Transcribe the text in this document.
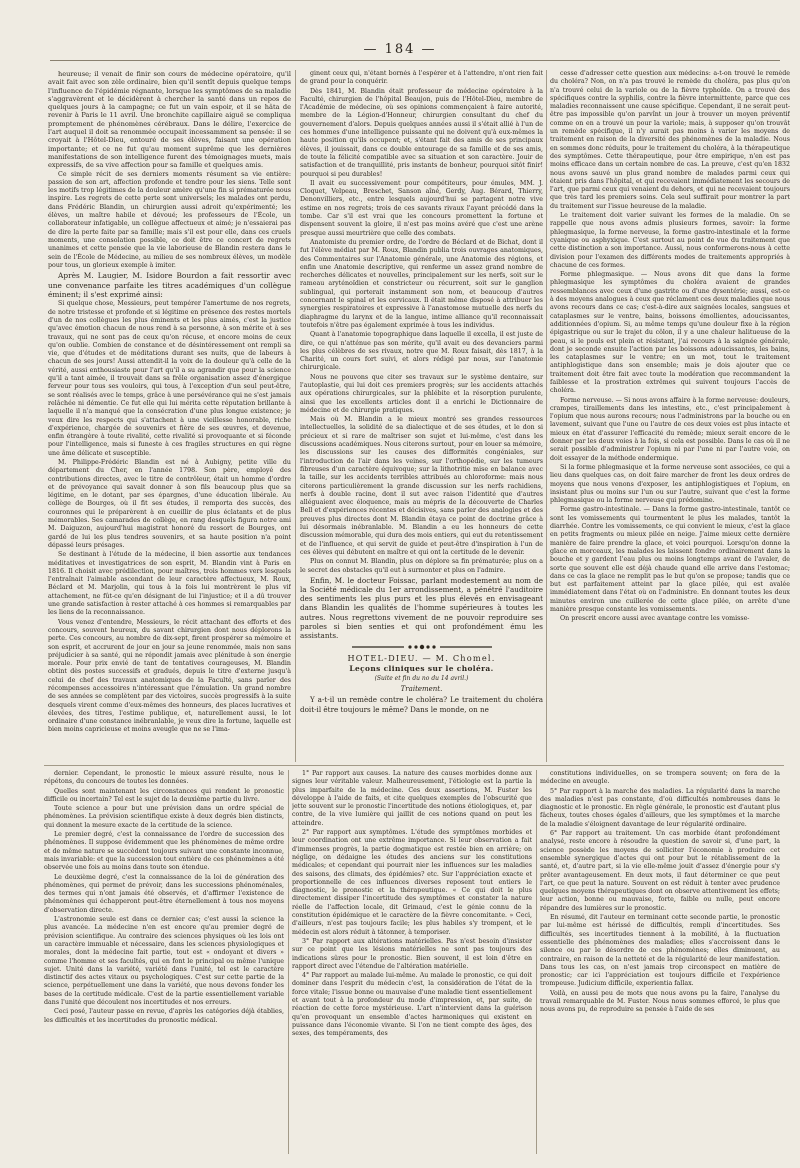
— 184 —

heureuse; il venait de finir son cours de médecine opératoire, qu'il avait fait avec son zèle ordinaire, bien qu'il sentît depuis quelque temps l'influence de l'épidémie régnante, lorsque les symptômes de sa maladie s'aggravèrent et le décidèrent à chercher la santé dans un repos de quelques jours à la campagne; ce fut un vain espoir, et il se hâta de revenir à Paris le 11 avril. Une bronchite capillaire aiguë se compliqua promptement de phénomènes cérébraux. Dans le délire, l'exercice de l'art auquel il doit sa renommée occupait incessamment sa pensée: il se croyait à l'Hôtel-Dieu, entouré de ses élèves, faisant une opération importante; et ce ne fut qu'au moment suprême que les dernières manifestations de son intelligence furent des témoignages muets, mais expressifs, de sa vive affection pour sa famille et quelques amis.

Ce simple récit de ses derniers moments résument sa vie entière: passion de son art, affection profonde et tendre pour les siens. Telle sont les motifs trop légitimes de la douleur amère qu'une fin si prématurée nous inspire. Les regrets de cette perte sont universels; les malades ont perdu, dans Frédéric Blandin, un chirurgien aussi adroit qu'expérimenté; les élèves, un maître habile et dévoué; les professeurs de l'École, un collaborateur infatigable, un collègue affectueux et aimé; je n'essaierai pas de dire la perte faite par sa famille; mais s'il est pour elle, dans ces cruels moments, une consolation possible, ce doit être ce concert de regrets unanimes et cette pensée que la vie laborieuse de Blandin restera dans le sein de l'École de Médecine, au milieu de ses nombreux élèves, un modèle pour tous, un glorieux exemple à imiter.

Après M. Laugier, M. Isidore Bourdon a fait ressortir avec une convenance parfaite les titres académiques d'un collègue éminent; il s'est exprimé ainsi:

Si quelque chose, Messieurs, peut tempérer l'amertume de nos regrets, de notre tristesse et profonde et si légitime en présence des restes mortels d'un de nos collègues les plus éminents et les plus aimés, c'est la justice qu'avec émotion chacun de nous rend à sa personne, à son mérite et à ses travaux, qui ne sont pas de ceux qu'on récuse, et encore moins de ceux qu'on oublie. Combien de constance et de désintéressement ont rempli sa vie, que d'études et de méditations durant ses nuits, que de labeurs à chacun de ses jours! Aussi attendit-il la voix de la douleur qu'à celle de la vérité, aussi enthousiaste pour l'art qu'il a su agrandir que pour la science qu'il a tant aimée, il trouvait dans sa frêle organisation assez d'énergique ferveur pour tous ses vouloirs, qui tous, à l'exception d'un seul peut-être, se sont réalisés avec le temps, grâce à une persévérance qui ne s'est jamais relâchée ni démentie. Ce fut elle qui lui mérita cette réputation brillante à laquelle il n'a manqué que la consécration d'une plus longue existence; je veux dire les respects qui s'attachent à une vieillesse honorable, riche d'expérience, chargée de souvenirs et fière de ses œuvres, et devenue, enfin étrangère à toute rivalité, cette rivalité si provoquante et si féconde pour l'intelligence, mais si funeste à ces fragiles structures en qui règne une âme délicate et susceptible.

M. Philippe-Frédéric Blandin est né à Aubigny, petite ville du département du Cher, en l'année 1798. Son père, employé des contributions directes, avec le titre de contrôleur, était un homme d'ordre et de prévoyance qui savait donner à son fils beaucoup plus que sa légitime, en le dotant, par ses épargnes, d'une éducation libérale. Au collège de Bourges, où il fit ses études, il remporta des succès, des couronnes qui le préparèrent à en cueillir de plus éclatants et de plus mémorables. Ses camarades de collège, en rang desquels figura notre ami M. Daiguzon, aujourd'hui magistrat honoré du ressort de Bourges, ont gardé de lui les plus tendres souvenirs, et sa haute position n'a point dépassé leurs présages.

Se destinant à l'étude de la médecine, il bien assortie aux tendances méditatives et investigatrices de son esprit, M. Blandin vint à Paris en 1816. Il choisit avec prédilection, pour maîtres, trois hommes vers lesquels l'entraînait l'aimable ascendant de leur caractère affectueux, M. Roux, Béclard et M. Marjolin, qui tous à la fois lui montrèrent le plus vif attachement, ne fût-ce qu'en désignant de lui l'injustice; et il a dû trouver une grande satisfaction à rester attaché à ces hommes si remarquables par les liens de la reconnaissance.

Vous venez d'entendre, Messieurs, le récit attachant des efforts et des concours, souvent heureux, du savant chirurgien dont nous déplorons la perte. Ces concours, au nombre de dix-sept, firent prospérer sa mémoire et son esprit, et accrurent de jour en jour sa jeune renommée, mais non sans préjudicier à sa santé, qui ne répondit jamais avec plénitude à son énergie morale. Pour prix envié de tant de tentatives courageuses, M. Blandin obtint dès postes successifs et gradués, depuis le titre d'externe jusqu'à celui de chef des travaux anatomiques de la Faculté, sans parler des récompenses accessoires n'intéressant que l'émulation. Un grand nombre de ses années se complètent par des victoires, succès progressifs à la suite desquels virent comme d'eux-mêmes des honneurs, des places lucratives et élevées, des titres, l'estime publique, et, naturellement aussi, le lot ordinaire d'une constance inébranlable, je veux dire la fortune, laquelle est bien moins capricieuse et moins aveugle que ne se l'ima-

ginent ceux qui, n'étant bornés à l'espérer et à l'attendre, n'ont rien fait de grand pour la conquérir.

Dès 1841, M. Blandin était professeur de médecine opératoire à la Faculté, chirurgien de l'hôpital Beaujon, puis de l'Hôtel-Dieu, membre de l'Académie de médecine, où ses opinions commençaient à faire autorité, membre de la Légion-d'Honneur, chirurgien consultant du chef du gouvernement d'alors. Depuis quelques années aussi il s'était allié à l'un de ces hommes d'une intelligence puissante qui ne doivent qu'à eux-mêmes la haute position qu'ils occupent; et, s'étant fait des amis de ses principaux élèves, il jouissait, dans ce double entourage de sa famille et de ses amis, de toute la félicité compatible avec sa situation et son caractère. Jouir de satisfaction et de tranquillité, pris instants de bonheur, pourquoi sitôt finir! pourquoi si peu durables!

Il avait eu successivement pour compétiteurs, pour émules, MM. J. Cloquet, Velpeau, Breschet, Sanson aîné, Gerdy, Aug. Bérard, Thierry, Denonvilliers, etc., entre lesquels aujourd'hui se partagent notre vive estime en nos regrets; trois de ces savants rivaux l'ayant précédé dans la tombe. Car s'il est vrai que les concours promettent la fortune et dispensent souvent la gloire, il n'est pas moins avéré que c'est une arène presque aussi meurtrière que celle des combats.

Anatomiste du premier ordre, de l'ordre de Béclard et de Bichat, dont il fut l'élève médiat par M. Roux, Blandin publia trois ouvrages anatomiques, des Commentaires sur l'Anatomie générale, une Anatomie des régions, et enfin une Anatomie descriptive, qui renferme un assez grand nombre de recherches délicates et nouvelles, principalement sur les nerfs, soit sur le rameau aryténoïdien et constricteur ou récurrent, soit sur le ganglion sublingual, qui porterait instamment son nom, et beaucoup d'autres concernant le spinal et les cervicaux. Il était même disposé à attribuer les synergies respiratoires et expressive à l'anastomose mutuelle des nerfs du diaphragme du larynx et de la langue, intime alliance qu'il reconnaissait toutefois n'être pas également exprimée à tous les individus.

Quant à l'anatomie topographique dans laquelle il excella, il est juste de dire, ce qui n'atténue pas son mérite, qu'il avait eu des devanciers parmi les plus célèbres de ses rivaux, notre que M. Roux faisait, dès 1817, à la Charité, un cours fort suivi, et alors rédigé par nous, sur l'anatomie chirurgicale.

Nous ne pouvons que citer ses travaux sur le système dentaire, sur l'autoplastie, qui lui doit ces premiers progrès; sur les accidents attachés aux opérations chirurgicales, sur la phlébite et la résorption purulente, ainsi que les excellents articles dont il a enrichi le Dictionnaire de médecine et de chirurgie pratiques.

Mais où M. Blandin a le mieux montré ses grandes ressources intellectuelles, la solidité de sa dialectique et de ses études, et le don si précieux et si rare de maîtriser son sujet et lui-même, c'est dans les discussions académiques. Nous citerons surtout, pour en louer sa mémoire, les discussions sur les causes des difformités congéniales, sur l'introduction de l'air dans les veines, sur l'orthopédie, sur les tumeurs fibreuses d'un caractère équivoque; sur la lithotritie mise en balance avec la taille, sur les accidents terribles attribués au chloroforme: mais nous citerons particulièrement la grande discussion sur les nerfs rachidiens, nerfs à double racine, dont il sut avec raison l'identité que d'autres alléguaient avec éloquence, mais au mépris de la découverte de Charles Bell et d'expériences récentes et décisives, sans parler des analogies et des preuves plus directes dont M. Blandin étaya ce point de doctrine grâce à lui désormais inébranlable. M. Blandin a eu les honneurs de cette discussion mémorable, qui dura des mois entiers, qui eut du retentissement et de l'influence, et qui servit de guide et peut-être d'inspiration à l'un de ces élèves qui débutent en maître et qui ont la certitude de le devenir.

Plus on connut M. Blandin, plus on déplore sa fin prématurée; plus on a le secret des obstacles qu'il eut à surmonter et plus on l'admire.

Enfin, M. le docteur Foissac, parlant modestement au nom de la Société médicale du 1er arrondissement, a pénétré l'auditoire des sentiments les plus purs et les plus élevés en envisageant dans Blandin les qualités de l'homme supérieures à toutes les autres. Nous regrettons vivement de ne pouvoir reproduire ses paroles si bien senties et qui ont profondément ému les assistants.

HOTEL-DIEU. — M. Chomel.
Leçons cliniques sur le choléra.
(Suite et fin du no du 14 avril.)
Traitement.

Y a-t-il un remède contre le choléra? Le traitement du choléra doit-il être toujours le même? Dans le monde, on ne

cesse d'adresser cette question aux médecins: a-t-on trouvé le remède du choléra? Non, on n'a pas trouvé le remède du choléra, pas plus qu'on n'a trouvé celui de la variole ou de la fièvre typhoïde. On a trouvé des spécifiques contre la syphilis, contre la fièvre intermittente, parce que ces maladies reconnaissent une cause spécifique. Cependant, il ne serait peut-être pas impossible qu'on parvînt un jour à trouver un moyen préventif comme on en a trouvé un pour la variole; mais, à supposer qu'on trouvât un remède spécifique, il n'y aurait pas moins à varier les moyens de traitement en raison de la diversité des phénomènes de la maladie. Nous en sommes donc réduits, pour le traitement du choléra, à la thérapeutique des symptômes. Cette thérapeutique, pour être empirique, n'en est pas moins efficace dans un certain nombre de cas. La preuve, c'est qu'en 1832 nous avons sauvé un plus grand nombre de malades parmi ceux qui étaient pris dans l'hôpital, et qui recevaient immédiatement les secours de l'art, que parmi ceux qui venaient du dehors, et qui ne recevaient toujours que très tard les premiers soins. Cela seul suffirait pour montrer la part du traitement sur l'issue heureuse de la maladie.

Le traitement doit varier suivant les formes de la maladie. On se rappelle que nous avons admis plusieurs formes, savoir: la forme phlegmasique, la forme nerveuse, la forme gastro-intestinale et la forme cyanique ou asphyxique. C'est surtout au point de vue du traitement que cette distinction a son importance. Aussi, nous conformerons-nous à cette division pour l'examen des différents modes de traitements appropriés à chacune de ces formes.

Forme phlegmasique. — Nous avons dit que dans la forme phlegmasique les symptômes du choléra avaient de grandes ressemblances avec ceux d'une gastrite ou d'une dysentérie; aussi, est-ce à des moyens analogues à ceux que réclament ces deux maladies que nous avons recours dans ce cas; c'est-à-dire aux saignées locales, sangsues et cataplasmes sur le ventre, bains, boissons émollientes, adoucissantes, additionnées d'opium. Si, au même temps qu'une douleur fixe à la région épigastrique ou sur le trajet du côlon, il y a une chaleur halitueuse de la peau, si le pouls est plein et résistant, j'ai recours à la saignée générale, dont je seconde ensuite l'action par les boissons adoucissantes, les bains, les cataplasmes sur le ventre; en un mot, tout le traitement antiphlogistique dans son ensemble; mais je dois ajouter que ce traitement doit être fait avec toute la modération que recommandent la faiblesse et la prostration extrêmes qui suivent toujours l'accès de choléra.

Forme nerveuse. — Si nous avons affaire à la forme nerveuse: douleurs, crampes, tiraillements dans les intestins, etc., c'est principalement à l'opium que nous aurons recours; nous l'administrons par la bouche ou en lavement, suivant que l'une ou l'autre de ces deux voies est plus intacte et mieux en état d'assurer l'efficacité du remède; mieux serait encore de le donner par les deux voies à la fois, si cela est possible. Dans le cas où il ne serait possible d'administrer l'opium ni par l'une ni par l'autre voie, on doit essayer de la méthode endermique.

Si la forme phlegmasique et la forme nerveuse sont associées, ce qui a lieu dans quelques cas, on doit faire marcher de front les deux ordres de moyens que nous venons d'exposer, les antiphlogistiques et l'opium, en insistant plus ou moins sur l'un ou sur l'autre, suivant que c'est la forme phlegmasique ou la forme nerveuse qui prédomine.

Forme gastro-intestinale. — Dans la forme gastro-intestinale, tantôt ce sont les vomissements qui tourmentent le plus les malades, tantôt la diarrhée. Contre les vomissements, ce qui convient le mieux, c'est la glace en petits fragments ou mieux pilée en neige. J'aime mieux cette dernière manière de faire prendre la glace, et voici pourquoi. Lorsqu'on donne la glace en morceaux, les malades les laissent fondre ordinairement dans la bouche et y gardent l'eau plus ou moins longtemps avant de l'avaler, de sorte que souvent elle est déjà chaude quand elle arrive dans l'estomac; dans ce cas la glace ne remplit pas le but qu'on se propose; tandis que ce but est parfaitement atteint par la glace pilée, qui est avalée immédiatement dans l'état où on l'administre. En donnant toutes les deux minutes environ une cuillerée de cette glace pilée, on arrête d'une manière presque constante les vomissements.

On prescrit encore aussi avec avantage contre les vomisse-

dernier. Cependant, le pronostic le mieux assuré résulte, nous le répétons, du concours de toutes les données.

Quelles sont maintenant les circonstances qui rendent le pronostic difficile ou incertain? Tel est le sujet de la deuxième partie du livre.

Toute science a pour but une prévision dans un ordre spécial de phénomènes. La prévision scientifique existe à deux degrés bien distincts, qui donnent la mesure exacte de la certitude de la science.

Le premier degré, c'est la connaissance de l'ordre de succession des phénomènes. Il suppose évidemment que les phénomènes de même ordre et de même nature se succèdent toujours suivant une constante inconnue, mais invariable: et que la succession tout entière de ces phénomènes a été observée une fois au moins dans toute son étendue.

Le deuxième degré, c'est la connaissance de la loi de génération des phénomènes, qui permet de prévoir, dans les successions phénoménales, des termes qui n'ont jamais été observés, et d'affirmer l'existence de phénomènes qui échapperont peut-être éternellement à tous nos moyens d'observation directe.

L'astronomie seule est dans ce dernier cas; c'est aussi la science la plus avancée. La médecine n'en est encore qu'au premier degré de prévision scientifique. Au contraire des sciences physiques où les lois ont un caractère immuable et nécessaire, dans les sciences physiologiques et morales, dont la médecine fait partie, tout est « ondoyant et divers » comme l'homme et ses facultés, qui en font le principal ou même l'unique sujet. Unité dans la variété, variété dans l'unité, tel est le caractère distinctif des actes vitaux ou psychologiques. C'est sur cette partie de la science, perpétuellement une dans la variété, que nous devons fonder les bases de la certitude médicale. C'est de la partie essentiellement variable dans l'unité que découlent nos incertitudes et nos erreurs.

Ceci posé, l'auteur passe en revue, d'après les catégories déjà établies, les difficultés et les incertitudes du pronostic médical.

1° Par rapport aux causes. La nature des causes morbides donne aux signes leur véritable valeur. Malheureusement, l'étiologie est la partie la plus imparfaite de la médecine. Ces deux assertions, M. Fuster les développe à l'aide de faits, et cite quelques exemples de l'obscurité que jette souvent sur le pronostic l'incertitude des notions étiologiques, et, par contre, de la vive lumière qui jaillit de ces notions quand on peut les atteindre.

2° Par rapport aux symptômes. L'étude des symptômes morbides et leur coordination ont une extrême importance. Si leur observation a fait d'immenses progrès, la partie dogmatique est restée bien en arrière; on néglige, on dédaigne les études des anciens sur les constitutions médicales; et cependant qui pourrait nier les influences sur les maladies des saisons, des climats, des épidémies? etc. Sur l'appréciation exacte et proportionnelle de ces influences diverses reposent tout entiers le diagnostic, le pronostic et la thérapeutique. « Ce qui doit le plus directement dissiper l'incertitude des symptômes et constater la nature réelle de l'affection locale, dit Grimaud, c'est le génie connu de la constitution épidémique et le caractère de la fièvre concomitante. » Ceci, d'ailleurs, n'est pas toujours facile; les plus habiles s'y trompent, et le médecin est alors réduit à tâtonner, à temporiser.

3° Par rapport aux altérations matérielles. Pas n'est besoin d'insister sur ce point que les lésions matérielles ne sont pas toujours des indications sûres pour le pronostic. Bien souvent, il est loin d'être en rapport direct avec l'étendue de l'altération matérielle.

4° Par rapport au malade lui-même. Au malade le pronostic, ce qui doit dominer dans l'esprit du médecin c'est, la considération de l'état de la force vitale; l'issue bonne ou mauvaise d'une maladie tient essentiellement et avant tout à la profondeur du mode d'impression, et, par suite, de réaction de cette force mystérieuse. L'art n'intervient dans la guérison qu'en provoquant un ensemble d'actes harmoniques qui existent en puissance dans l'économie vivante. Si l'on ne tient compte des âges, des sexes, des tempéraments, des

constitutions individuelles, on se trompera souvent; on fera de la médecine en aveugle.

5° Par rapport à la marche des maladies. La régularité dans la marche des maladies n'est pas constante, d'où difficultés nombreuses dans le diagnostic et le pronostic. En règle générale, le pronostic est d'autant plus fâcheux, toutes choses égales d'ailleurs, que les symptômes et la marche de la maladie s'éloignent davantage de leur régularité ordinaire.

6° Par rapport au traitement. Un cas morbide étant profondément analysé, reste encore à résoudre la question de savoir si, d'une part, la science possède les moyens de solliciter l'économie à produire cet ensemble synergique d'actes qui ont pour but le rétablissement de la santé, et, d'autre part, si la vie elle-même jouit d'assez d'énergie pour s'y prêter avantageusement. En deux mots, il faut déterminer ce que peut l'art, ce que peut la nature. Souvent on est réduit à tenter avec prudence quelques moyens thérapeutiques dont on observe attentivement les effets; leur action, bonne ou mauvaise, forte, faible ou nulle, peut encore répandre des lumières sur le pronostic.

En résumé, dit l'auteur en terminant cette seconde partie, le pronostic par lui-même est hérissé de difficultés, rempli d'incertitudes. Ses difficultés, ses incertitudes tiennent à la mobilité, à la fluctuation essentielle des phénomènes des maladies; elles s'accroissent dans le silence ou par le désordre de ces phénomènes; elles diminuent, au contraire, en raison de la netteté et de la régularité de leur manifestation. Dans tous les cas, on n'est jamais trop circonspect en matière de pronostic; car ici l'appréciation est toujours difficile et l'expérience trompeuse. Judicium difficile, experientia fallax.

Voilà, en aussi peu de mots que nous avons pu la faire, l'analyse du travail remarquable de M. Fuster. Nous nous sommes efforcé, le plus que nous avons pu, de reproduire sa pensée à l'aide de ses
